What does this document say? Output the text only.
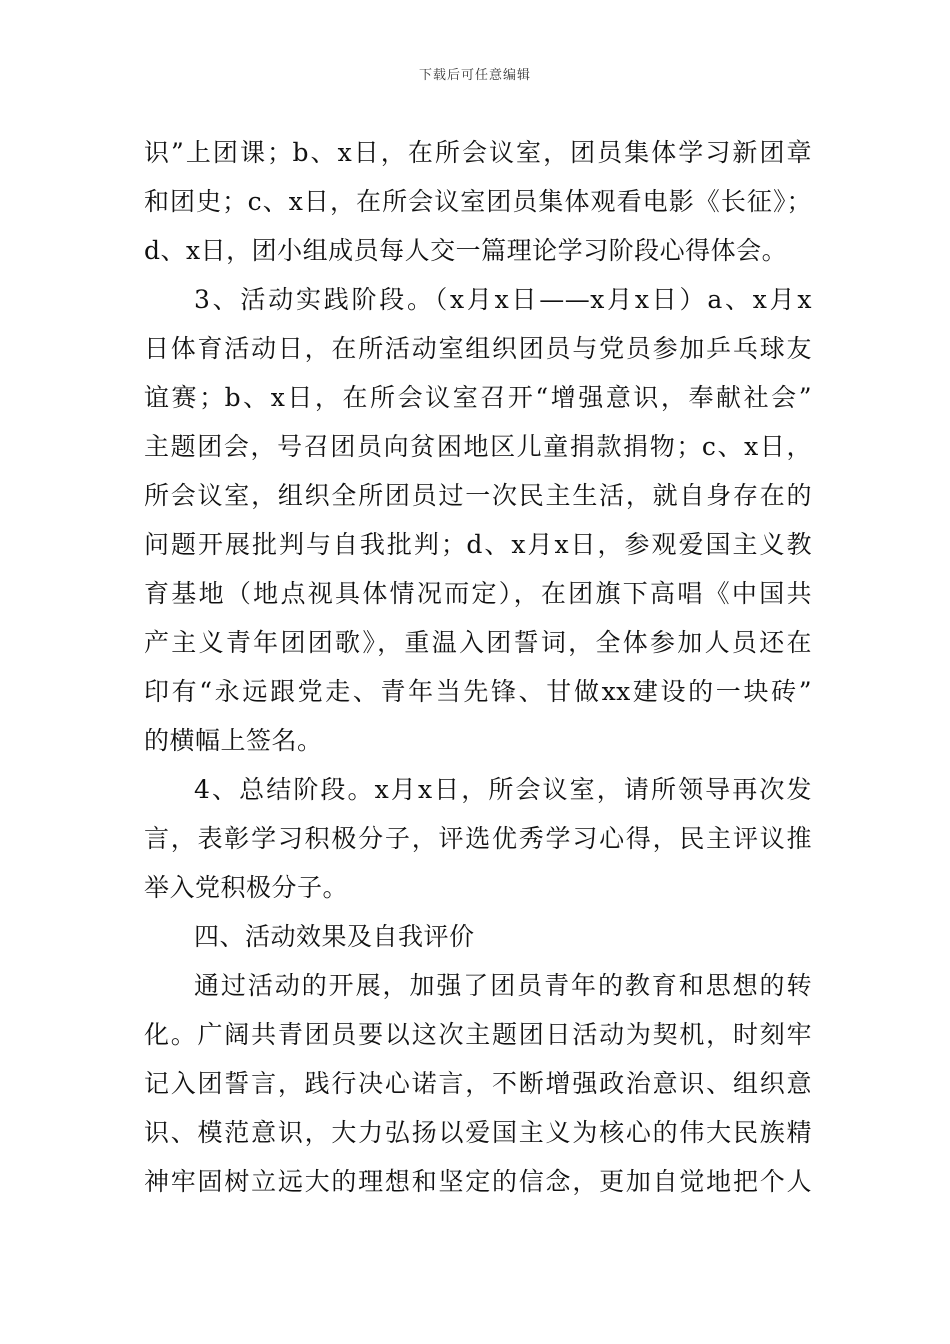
下载后可任意编辑
识”上团课；b、x日，在所会议室，团员集体学习新团章
和团史；c、x日，在所会议室团员集体观看电影《长征》；
d、x日，团小组成员每人交一篇理论学习阶段心得体会。
3、活动实践阶段。（x月x日——x月x日）a、x月x
日体育活动日，在所活动室组织团员与党员参加乒乓球友
谊赛；b、x日，在所会议室召开“增强意识，奉献社会”
主题团会，号召团员向贫困地区儿童捐款捐物；c、x日，
所会议室，组织全所团员过一次民主生活，就自身存在的
问题开展批判与自我批判；d、x月x日，参观爱国主义教
育基地（地点视具体情况而定），在团旗下高唱《中国共
产主义青年团团歌》，重温入团誓词，全体参加人员还在
印有“永远跟党走、青年当先锋、甘做xx建设的一块砖”
的横幅上签名。
4、总结阶段。x月x日，所会议室，请所领导再次发
言，表彰学习积极分子，评选优秀学习心得，民主评议推
举入党积极分子。
四、活动效果及自我评价
通过活动的开展，加强了团员青年的教育和思想的转
化。广阔共青团员要以这次主题团日活动为契机，时刻牢
记入团誓言，践行决心诺言，不断增强政治意识、组织意
识、模范意识，大力弘扬以爱国主义为核心的伟大民族精
神牢固树立远大的理想和坚定的信念，更加自觉地把个人
